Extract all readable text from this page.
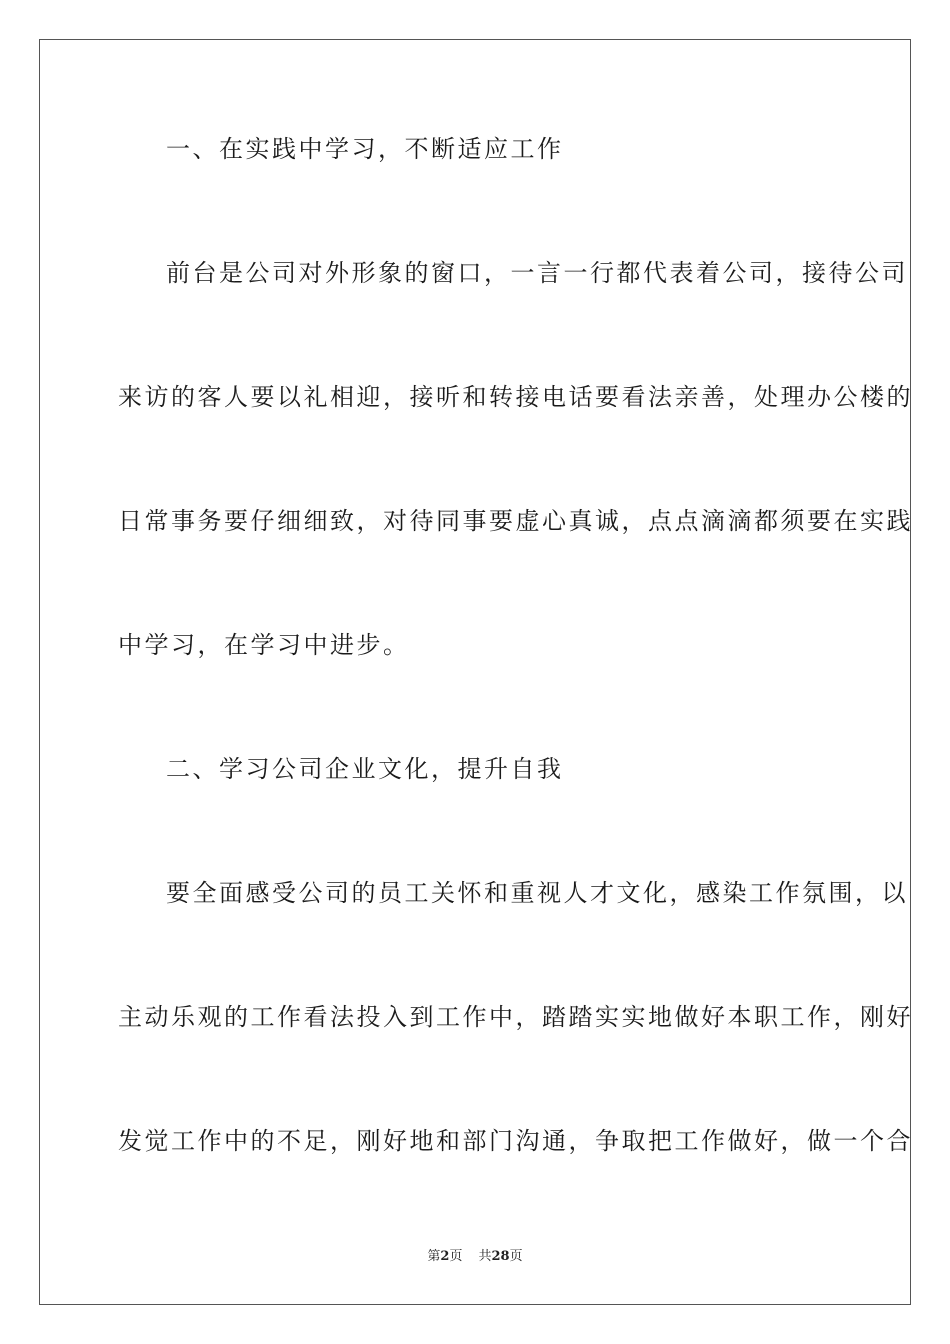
一、在实践中学习，不断适应工作
前台是公司对外形象的窗口，一言一行都代表着公司，接待公司
来访的客人要以礼相迎，接听和转接电话要看法亲善，处理办公楼的
日常事务要仔细细致，对待同事要虚心真诚，点点滴滴都须要在实践
中学习，在学习中进步。
二、学习公司企业文化，提升自我
要全面感受公司的员工关怀和重视人才文化，感染工作氛围，以
主动乐观的工作看法投入到工作中，踏踏实实地做好本职工作，刚好
发觉工作中的不足，刚好地和部门沟通，争取把工作做好，做一个合
第2页 共28页
